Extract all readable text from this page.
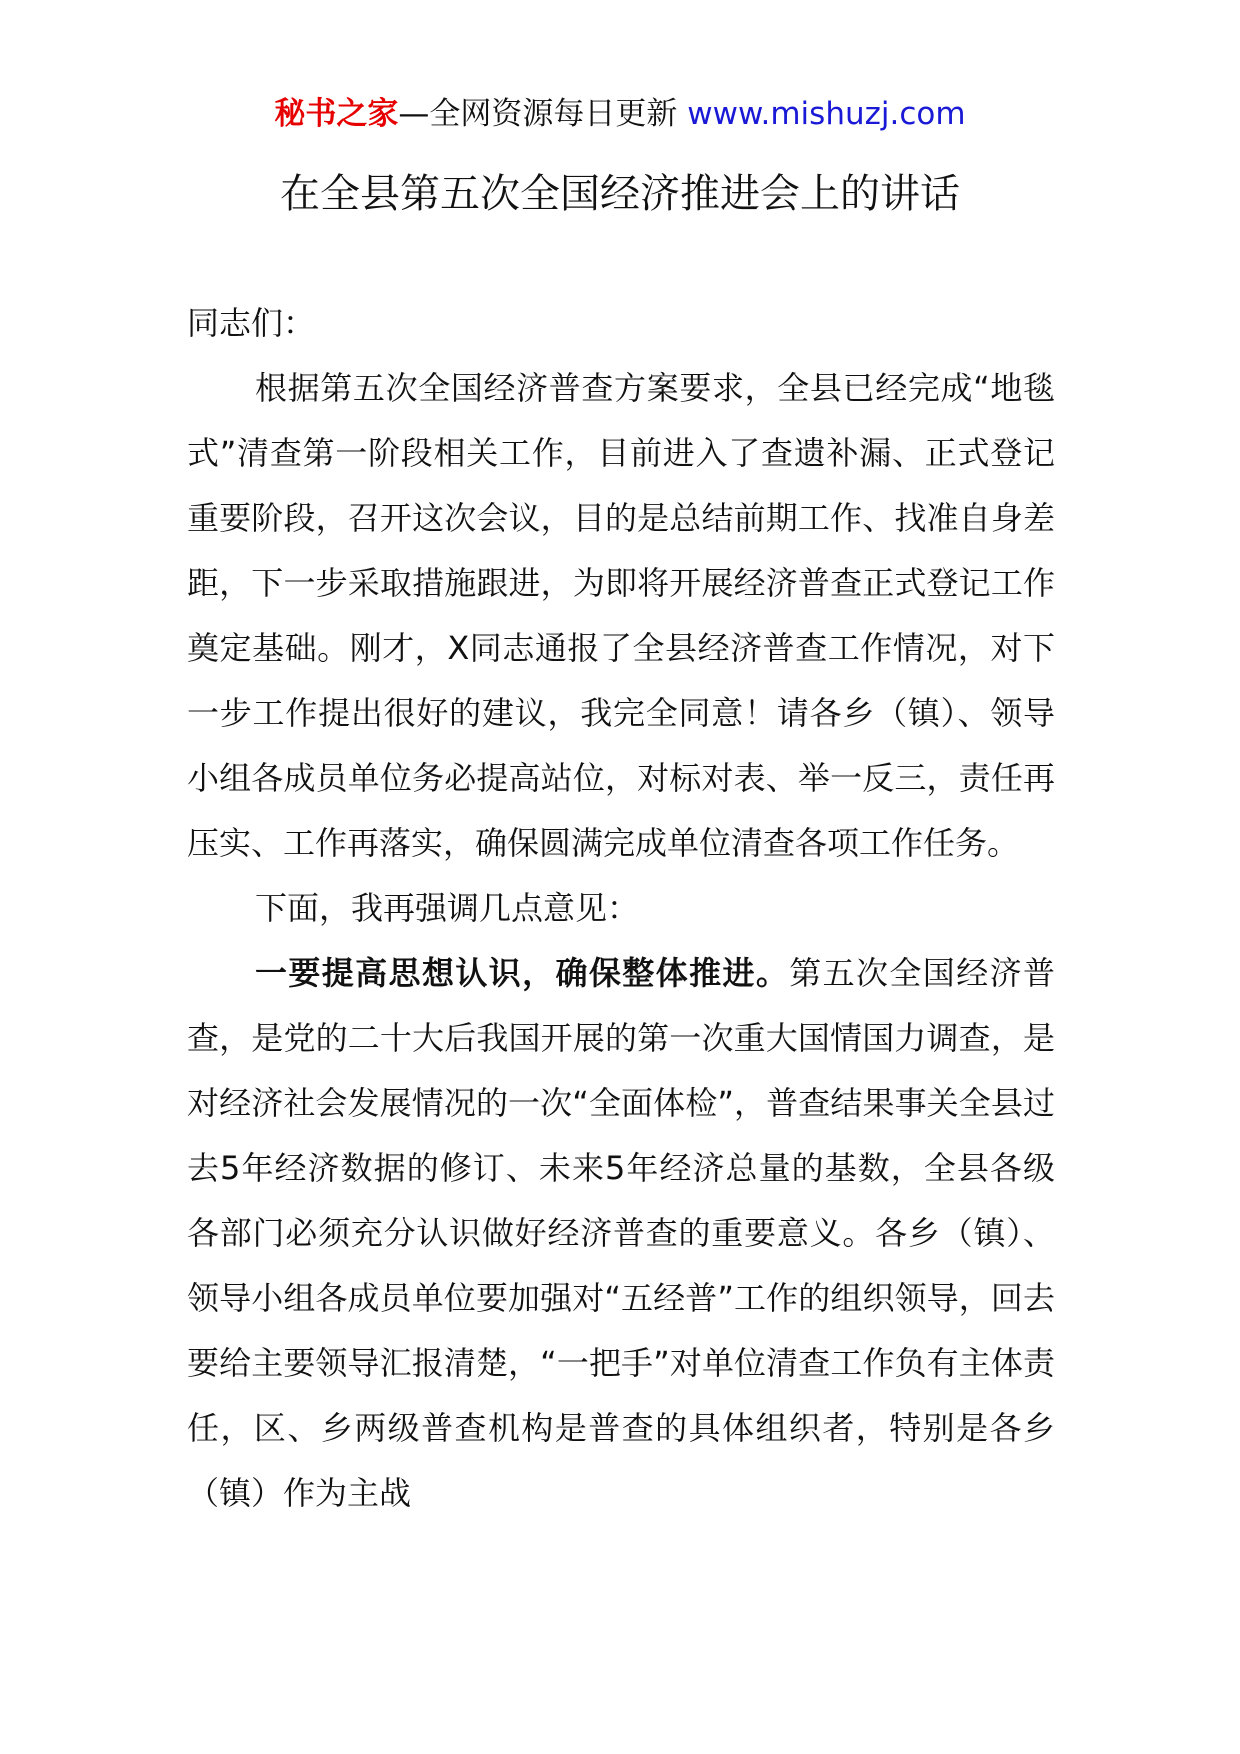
秘书之家—全网资源每日更新 www.mishuzj.com
在全县第五次全国经济推进会上的讲话

同志们：

根据第五次全国经济普查方案要求，全县已经完成“地毯式”清查第一阶段相关工作，目前进入了查遗补漏、正式登记重要阶段，召开这次会议，目的是总结前期工作、找准自身差距，下一步采取措施跟进，为即将开展经济普查正式登记工作奠定基础。刚才，X同志通报了全县经济普查工作情况，对下一步工作提出很好的建议，我完全同意！请各乡（镇）、领导小组各成员单位务必提高站位，对标对表、举一反三，责任再压实、工作再落实，确保圆满完成单位清查各项工作任务。

下面，我再强调几点意见：

一要提高思想认识，确保整体推进。第五次全国经济普查，是党的二十大后我国开展的第一次重大国情国力调查，是对经济社会发展情况的一次“全面体检”，普查结果事关全县过去5年经济数据的修订、未来5年经济总量的基数，全县各级各部门必须充分认识做好经济普查的重要意义。各乡（镇）、领导小组各成员单位要加强对“五经普”工作的组织领导，回去要给主要领导汇报清楚，“一把手”对单位清查工作负有主体责任，区、乡两级普查机构是普查的具体组织者，特别是各乡（镇）作为主战
